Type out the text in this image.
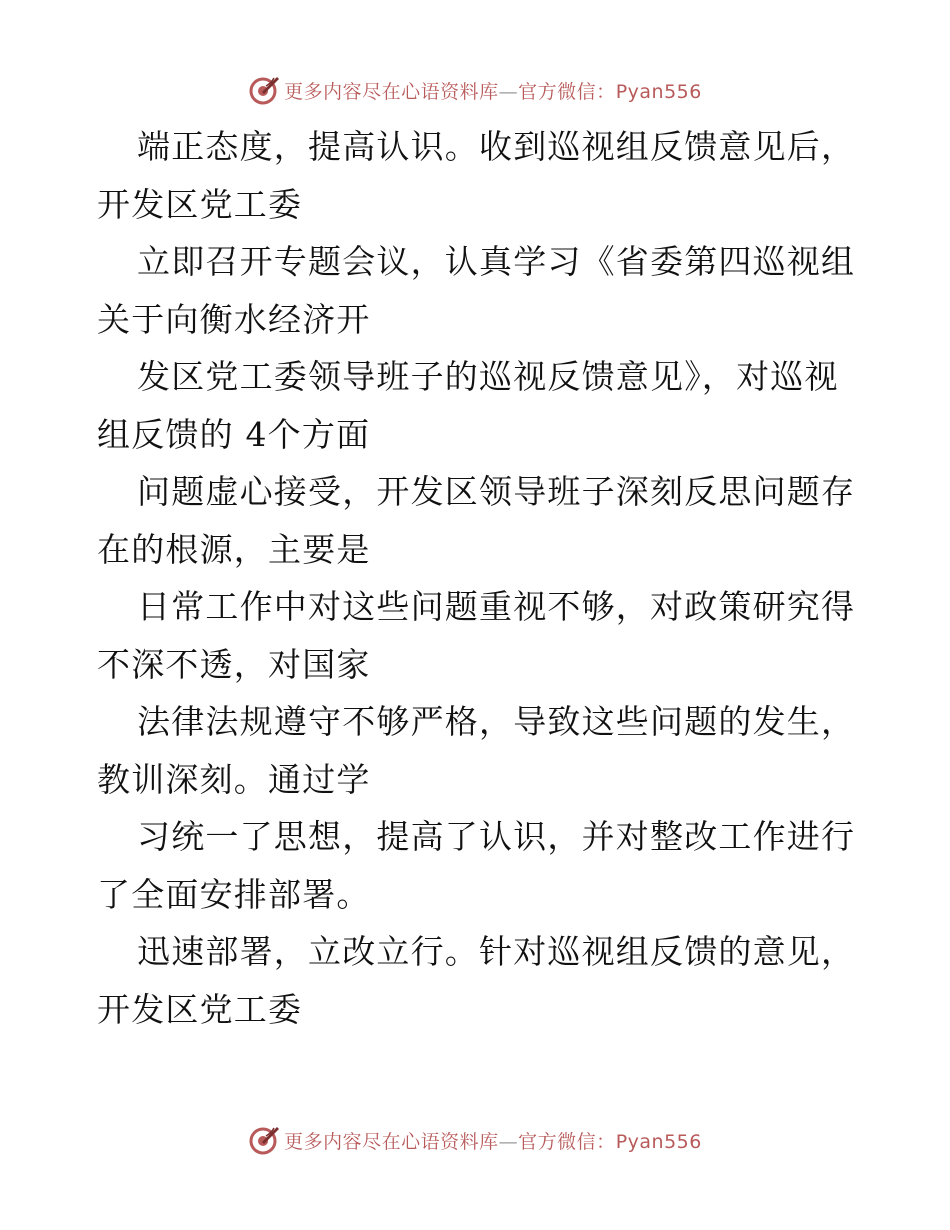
更多内容尽在心语资料库—官方微信：Pyan556

端正态度，提高认识。收到巡视组反馈意见后，
开发区党工委

立即召开专题会议，认真学习《省委第四巡视组
关于向衡水经济开

发区党工委领导班子的巡视反馈意见》，对巡视
组反馈的 4个方面

问题虚心接受，开发区领导班子深刻反思问题存
在的根源，主要是

日常工作中对这些问题重视不够，对政策研究得
不深不透，对国家

法律法规遵守不够严格，导致这些问题的发生，
教训深刻。通过学

习统一了思想，提高了认识，并对整改工作进行
了全面安排部署。

迅速部署，立改立行。针对巡视组反馈的意见，
开发区党工委

更多内容尽在心语资料库—官方微信：Pyan556
